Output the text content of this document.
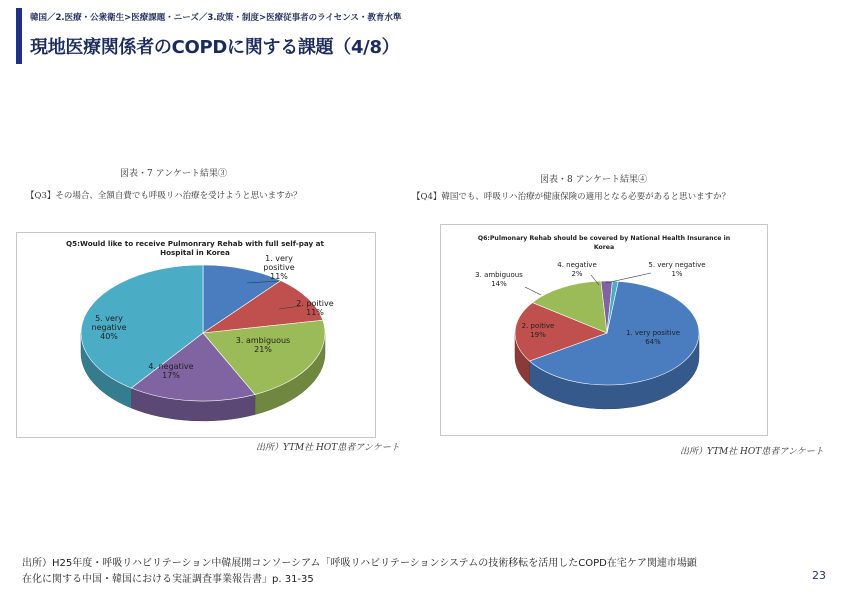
韓国／2.医療・公衆衛生>医療課題・ニーズ／3.政策・制度>医療従事者のライセンス・教育水準
現地医療関係者のCOPDに関する課題（4/8）
図表・7 アンケート結果③
【Q3】その場合、全額自費でも呼吸リハ治療を受けようと思いますか？
Q5:Would like to receive Pulmonrary Rehab with full self-pay at
Hospital in Korea
1. very positive 11%
2. poitive 11%
3. ambiguous 21%
4. negative 17%
5. very negative 40%
出所）YTM社 HOT患者アンケート
図表・8 アンケート結果④
【Q4】韓国でも、呼吸リハ治療が健康保険の適用となる必要があると思いますか？
Q6:Pulmonary Rehab should be covered by National Health Insurance in
Korea
1. very positive 64%
2. poitive 19%
3. ambiguous 14%
4. negative 2%
5. very negative 1%
出所）YTM社 HOT患者アンケート
出所）H25年度・呼吸リハビリテーション中韓展開コンソーシアム「呼吸リハビリテーションシステムの技術移転を活用したCOPD在宅ケア関連市場顕
在化に関する中国・韓国における実証調査事業報告書」p. 31-35	23
